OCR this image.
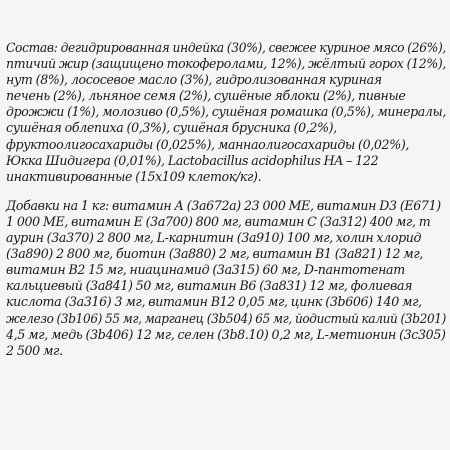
Состав: дегидрированная индейка (30%), свежее куриное мясо (26%),
птичий жир (защищено токоферолами, 12%), жёлтый горох (12%),
нут (8%), лососевое масло (3%), гидролизованная куриная
печень (2%), льняное семя (2%), сушёные яблоки (2%), пивные
дрожжи (1%), молозиво (0,5%), сушёная ромашка (0,5%), минералы,
сушёная облепиха (0,3%), сушёная брусника (0,2%),
фруктоолигосахариды (0,025%), маннаолигосахариды (0,02%),
Юкка Шидигера (0,01%), Lactobacillus acidophilus HA – 122
инактивированные (15х109 клеток/кг).

Добавки на 1 кг: витамин А (3а672а) 23 000 МЕ, витамин D3 (Е671)
1 000 МЕ, витамин Е (3а700) 800 мг, витамин С (3а312) 400 мг, т
аурин (3а370) 2 800 мг, L-карнитин (3а910) 100 мг, холин хлорид
(3а890) 2 800 мг, биотин (3а880) 2 мг, витамин В1 (3а821) 12 мг,
витамин В2 15 мг, ниацинамид (3а315) 60 мг, D-пантотенат
кальциевый (3а841) 50 мг, витамин В6 (3а831) 12 мг, фолиевая
кислота (3а316) 3 мг, витамин В12 0,05 мг, цинк (3b606) 140 мг,
железо (3b106) 55 мг, марганец (3b504) 65 мг, йодистый калий (3b201)
4,5 мг, медь (3b406) 12 мг, селен (3b8.10) 0,2 мг, L-метионин (3c305)
2 500 мг.
